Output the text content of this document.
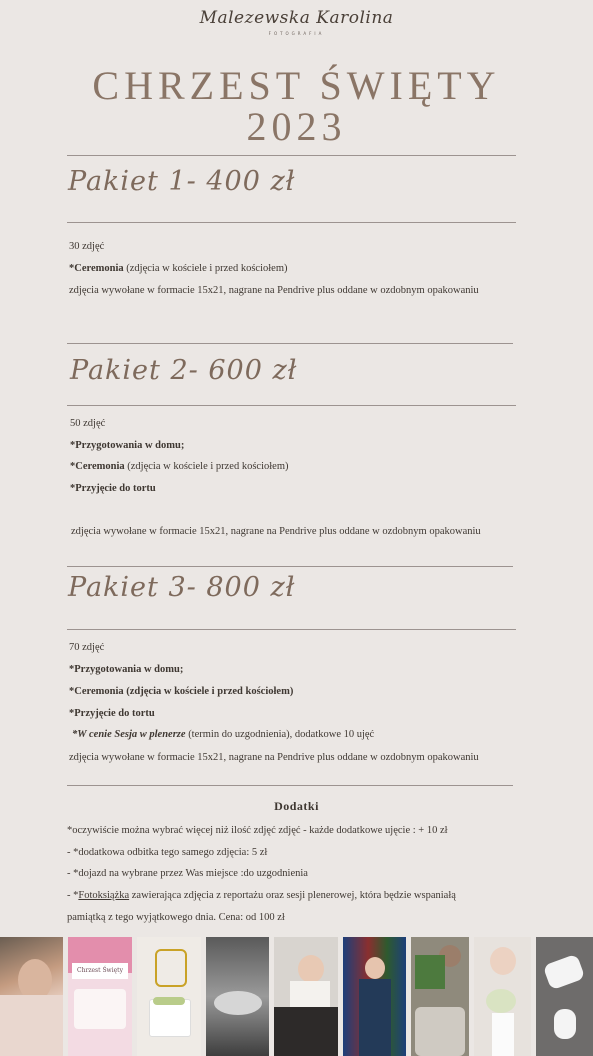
Malezewska Karolina
FOTOGRAFIA
CHRZEST ŚWIĘTY
2023
Pakiet 1- 400 zł
30 zdjęć
*Ceremonia (zdjęcia w kościele i przed kościołem)
zdjęcia wywołane w formacie 15x21, nagrane na Pendrive plus oddane w ozdobnym opakowaniu
Pakiet 2- 600 zł
50 zdjęć
*Przygotowania w domu;
*Ceremonia (zdjęcia w kościele i przed kościołem)
*Przyjęcie do tortu
zdjęcia wywołane w formacie 15x21, nagrane na Pendrive plus oddane w ozdobnym opakowaniu
Pakiet 3- 800 zł
70 zdjęć
*Przygotowania w domu;
*Ceremonia (zdjęcia w kościele i przed kościołem)
*Przyjęcie do tortu
*W cenie Sesja w plenerze (termin do uzgodnienia), dodatkowe 10 ujęć
zdjęcia wywołane w formacie 15x21, nagrane na Pendrive plus oddane w ozdobnym opakowaniu
Dodatki
*oczywiście można wybrać więcej niż ilość zdjęć zdjęć - każde dodatkowe ujęcie : + 10 zł
- *dodatkowa odbitka tego samego zdjęcia: 5 zł
- *dojazd na wybrane przez Was miejsce :do uzgodnienia
- *Fotoksiążka zawierająca zdjęcia z reportażu oraz sesji plenerowej, która będzie wspaniałą
pamiątką z tego wyjątkowego dnia. Cena: od 100 zł
Chrzest Święty
